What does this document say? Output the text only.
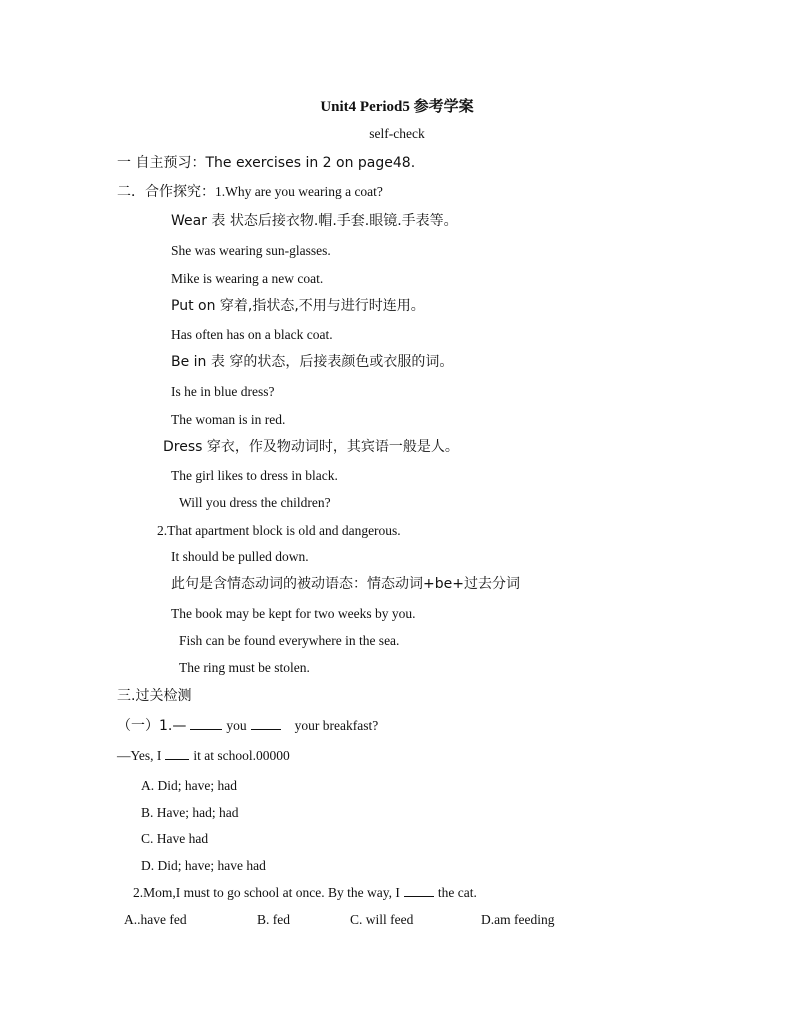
Unit4 Period5 参考学案
self-check
一 自主预习：The exercises in 2 on page48.
二．合作探究：1.Why are you wearing a coat?
Wear 表 状态后接衣物.帽.手套.眼镜.手表等。
She was wearing sun-glasses.
Mike is wearing a new coat.
Put on 穿着,指状态,不用与进行时连用。
Has often has on a black coat.
Be in 表 穿的状态，后接表颜色或衣服的词。
Is he in blue dress?
The woman is in red.
Dress 穿衣，作及物动词时，其宾语一般是人。
The girl likes to dress in black.
Will you dress the children?
2.That apartment block is old and dangerous.
It should be pulled down.
此句是含情态动词的被动语态：情态动词+be+过去分词
The book may be kept for two weeks by you.
Fish can be found everywhere in the sea.
The ring must be stolen.
三.过关检测
（一）1.—	you	your breakfast?
—Yes, I it at school.00000
A. Did; have; had
B. Have; had; had
C. Have had
D. Did; have; have had
2.Mom,I must to go school at once. By the way, I	the cat.
A..have fed	B. fed	C. will feed	D.am feeding
